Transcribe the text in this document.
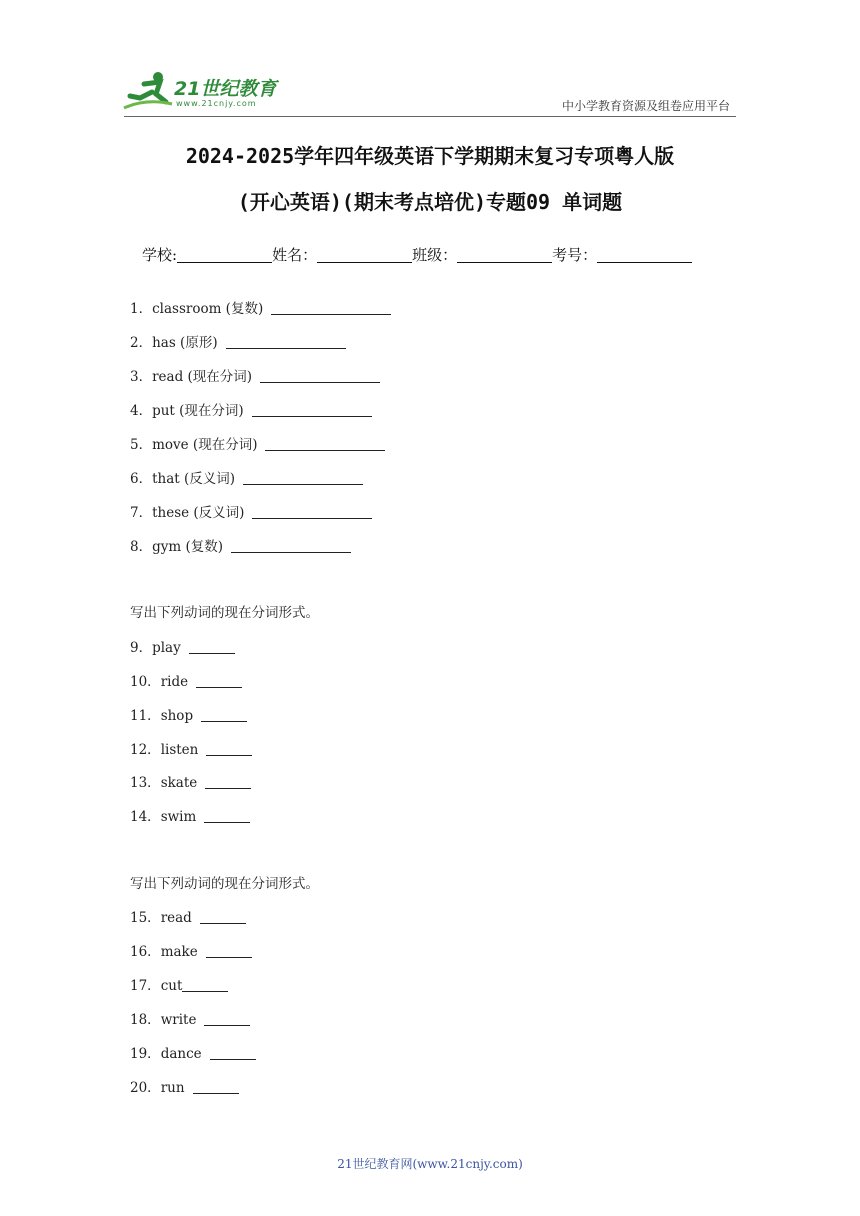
21世纪教育
www.21cnjy.com	中小学教育资源及组卷应用平台
2024-2025学年四年级英语下学期期末复习专项粤人版
(开心英语)(期末考点培优)专题09 单词题
学校:	姓名：	班级：	考号：
1．classroom (复数)
2．has (原形)
3．read (现在分词)
4．put (现在分词)
5．move (现在分词)
6．that (反义词)
7．these (反义词)
8．gym (复数)
写出下列动词的现在分词形式。
9．play
10．ride
11．shop
12．listen
13．skate
14．swim
写出下列动词的现在分词形式。
15．read
16．make
17．cut
18．write
19．dance
20．run
21世纪教育网(www.21cnjy.com)
